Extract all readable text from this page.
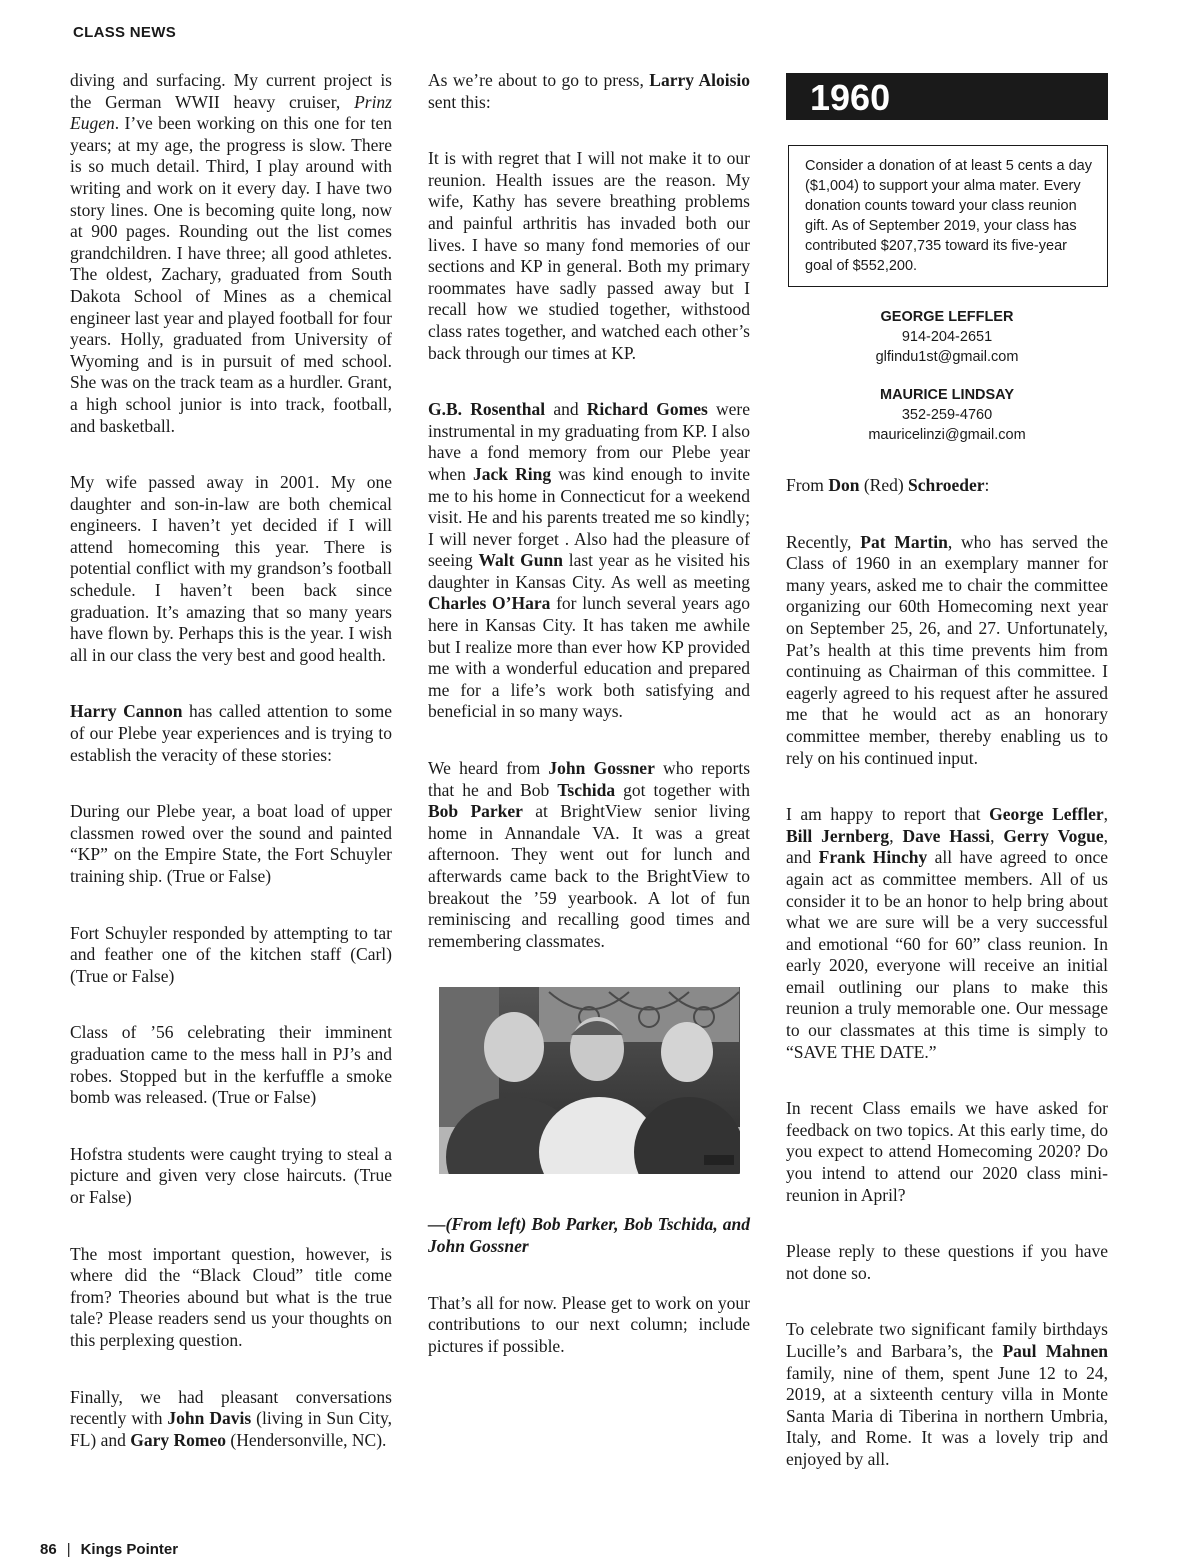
CLASS NEWS

diving and surfacing. My current project is the German WWII heavy cruiser, Prinz Eugen. I’ve been working on this one for ten years; at my age, the progress is slow. There is so much detail. Third, I play around with writing and work on it every day. I have two story lines. One is becoming quite long, now at 900 pages. Rounding out the list comes grandchildren. I have three; all good athletes. The oldest, Zachary, graduated from South Dakota School of Mines as a chemical engineer last year and played football for four years. Holly, graduated from University of Wyoming and is in pursuit of med school. She was on the track team as a hurdler. Grant, a high school junior is into track, football, and basketball.

My wife passed away in 2001. My one daughter and son-in-law are both chemical engineers. I haven’t yet decided if I will attend homecoming this year. There is potential conflict with my grandson’s football schedule. I haven’t been back since graduation. It’s amazing that so many years have flown by. Perhaps this is the year. I wish all in our class the very best and good health.

Harry Cannon has called attention to some of our Plebe year experiences and is trying to establish the veracity of these stories:

During our Plebe year, a boat load of upper classmen rowed over the sound and painted “KP” on the Empire State, the Fort Schuyler training ship. (True or False)

Fort Schuyler responded by attempting to tar and feather one of the kitchen staff (Carl) (True or False)

Class of ’56 celebrating their imminent graduation came to the mess hall in PJ’s and robes. Stopped but in the kerfuffle a smoke bomb was released. (True or False)

Hofstra students were caught trying to steal a picture and given very close haircuts. (True or False)

The most important question, however, is where did the “Black Cloud” title come from? Theories abound but what is the true tale? Please readers send us your thoughts on this perplexing question.

Finally, we had pleasant conversations recently with John Davis (living in Sun City, FL) and Gary Romeo (Hendersonville, NC).

As we’re about to go to press, Larry Aloisio sent this:

It is with regret that I will not make it to our reunion. Health issues are the reason. My wife, Kathy has severe breathing problems and painful arthritis has invaded both our lives. I have so many fond memories of our sections and KP in general. Both my primary roommates have sadly passed away but I recall how we studied together, withstood class rates together, and watched each other’s back through our times at KP.

G.B. Rosenthal and Richard Gomes were instrumental in my graduating from KP. I also have a fond memory from our Plebe year when Jack Ring was kind enough to invite me to his home in Connecticut for a weekend visit. He and his parents treated me so kindly; I will never forget . Also had the pleasure of seeing Walt Gunn last year as he visited his daughter in Kansas City. As well as meeting Charles O’Hara for lunch several years ago here in Kansas City. It has taken me awhile but I realize more than ever how KP provided me with a wonderful education and prepared me for a life’s work both satisfying and beneficial in so many ways.

We heard from John Gossner who reports that he and Bob Tschida got together with Bob Parker at BrightView senior living home in Annandale VA. It was a great afternoon. They went out for lunch and afterwards came back to the BrightView to breakout the ’59 yearbook. A lot of fun reminiscing and recalling good times and remembering classmates.

—(From left) Bob Parker, Bob Tschida, and John Gossner

That’s all for now. Please get to work on your contributions to our next column; include pictures if possible.

1960
Consider a donation of at least 5 cents a day ($1,004) to support your alma mater. Every donation counts toward your class reunion gift. As of September 2019, your class has contributed $207,735 toward its five-year goal of $552,200.
GEORGE LEFFLER
914-204-2651
glfindu1st@gmail.com
MAURICE LINDSAY
352-259-4760
mauricelinzi@gmail.com

From Don (Red) Schroeder:

Recently, Pat Martin, who has served the Class of 1960 in an exemplary manner for many years, asked me to chair the committee organizing our 60th Homecoming next year on September 25, 26, and 27. Unfortunately, Pat’s health at this time prevents him from continuing as Chairman of this committee. I eagerly agreed to his request after he assured me that he would act as an honorary committee member, thereby enabling us to rely on his continued input.

I am happy to report that George Leffler, Bill Jernberg, Dave Hassi, Gerry Vogue, and Frank Hinchy all have agreed to once again act as committee members. All of us consider it to be an honor to help bring about what we are sure will be a very successful and emotional “60 for 60” class reunion. In early 2020, everyone will receive an initial email outlining our plans to make this reunion a truly memorable one. Our message to our classmates at this time is simply to “SAVE THE DATE.”

In recent Class emails we have asked for feedback on two topics. At this early time, do you expect to attend Homecoming 2020? Do you intend to attend our 2020 class mini-reunion in April?

Please reply to these questions if you have not done so.

To celebrate two significant family birthdays Lucille’s and Barbara’s, the Paul Mahnen family, nine of them, spent June 12 to 24, 2019, at a sixteenth century villa in Monte Santa Maria di Tiberina in northern Umbria, Italy, and Rome. It was a lovely trip and enjoyed by all.

86 | Kings Pointer
